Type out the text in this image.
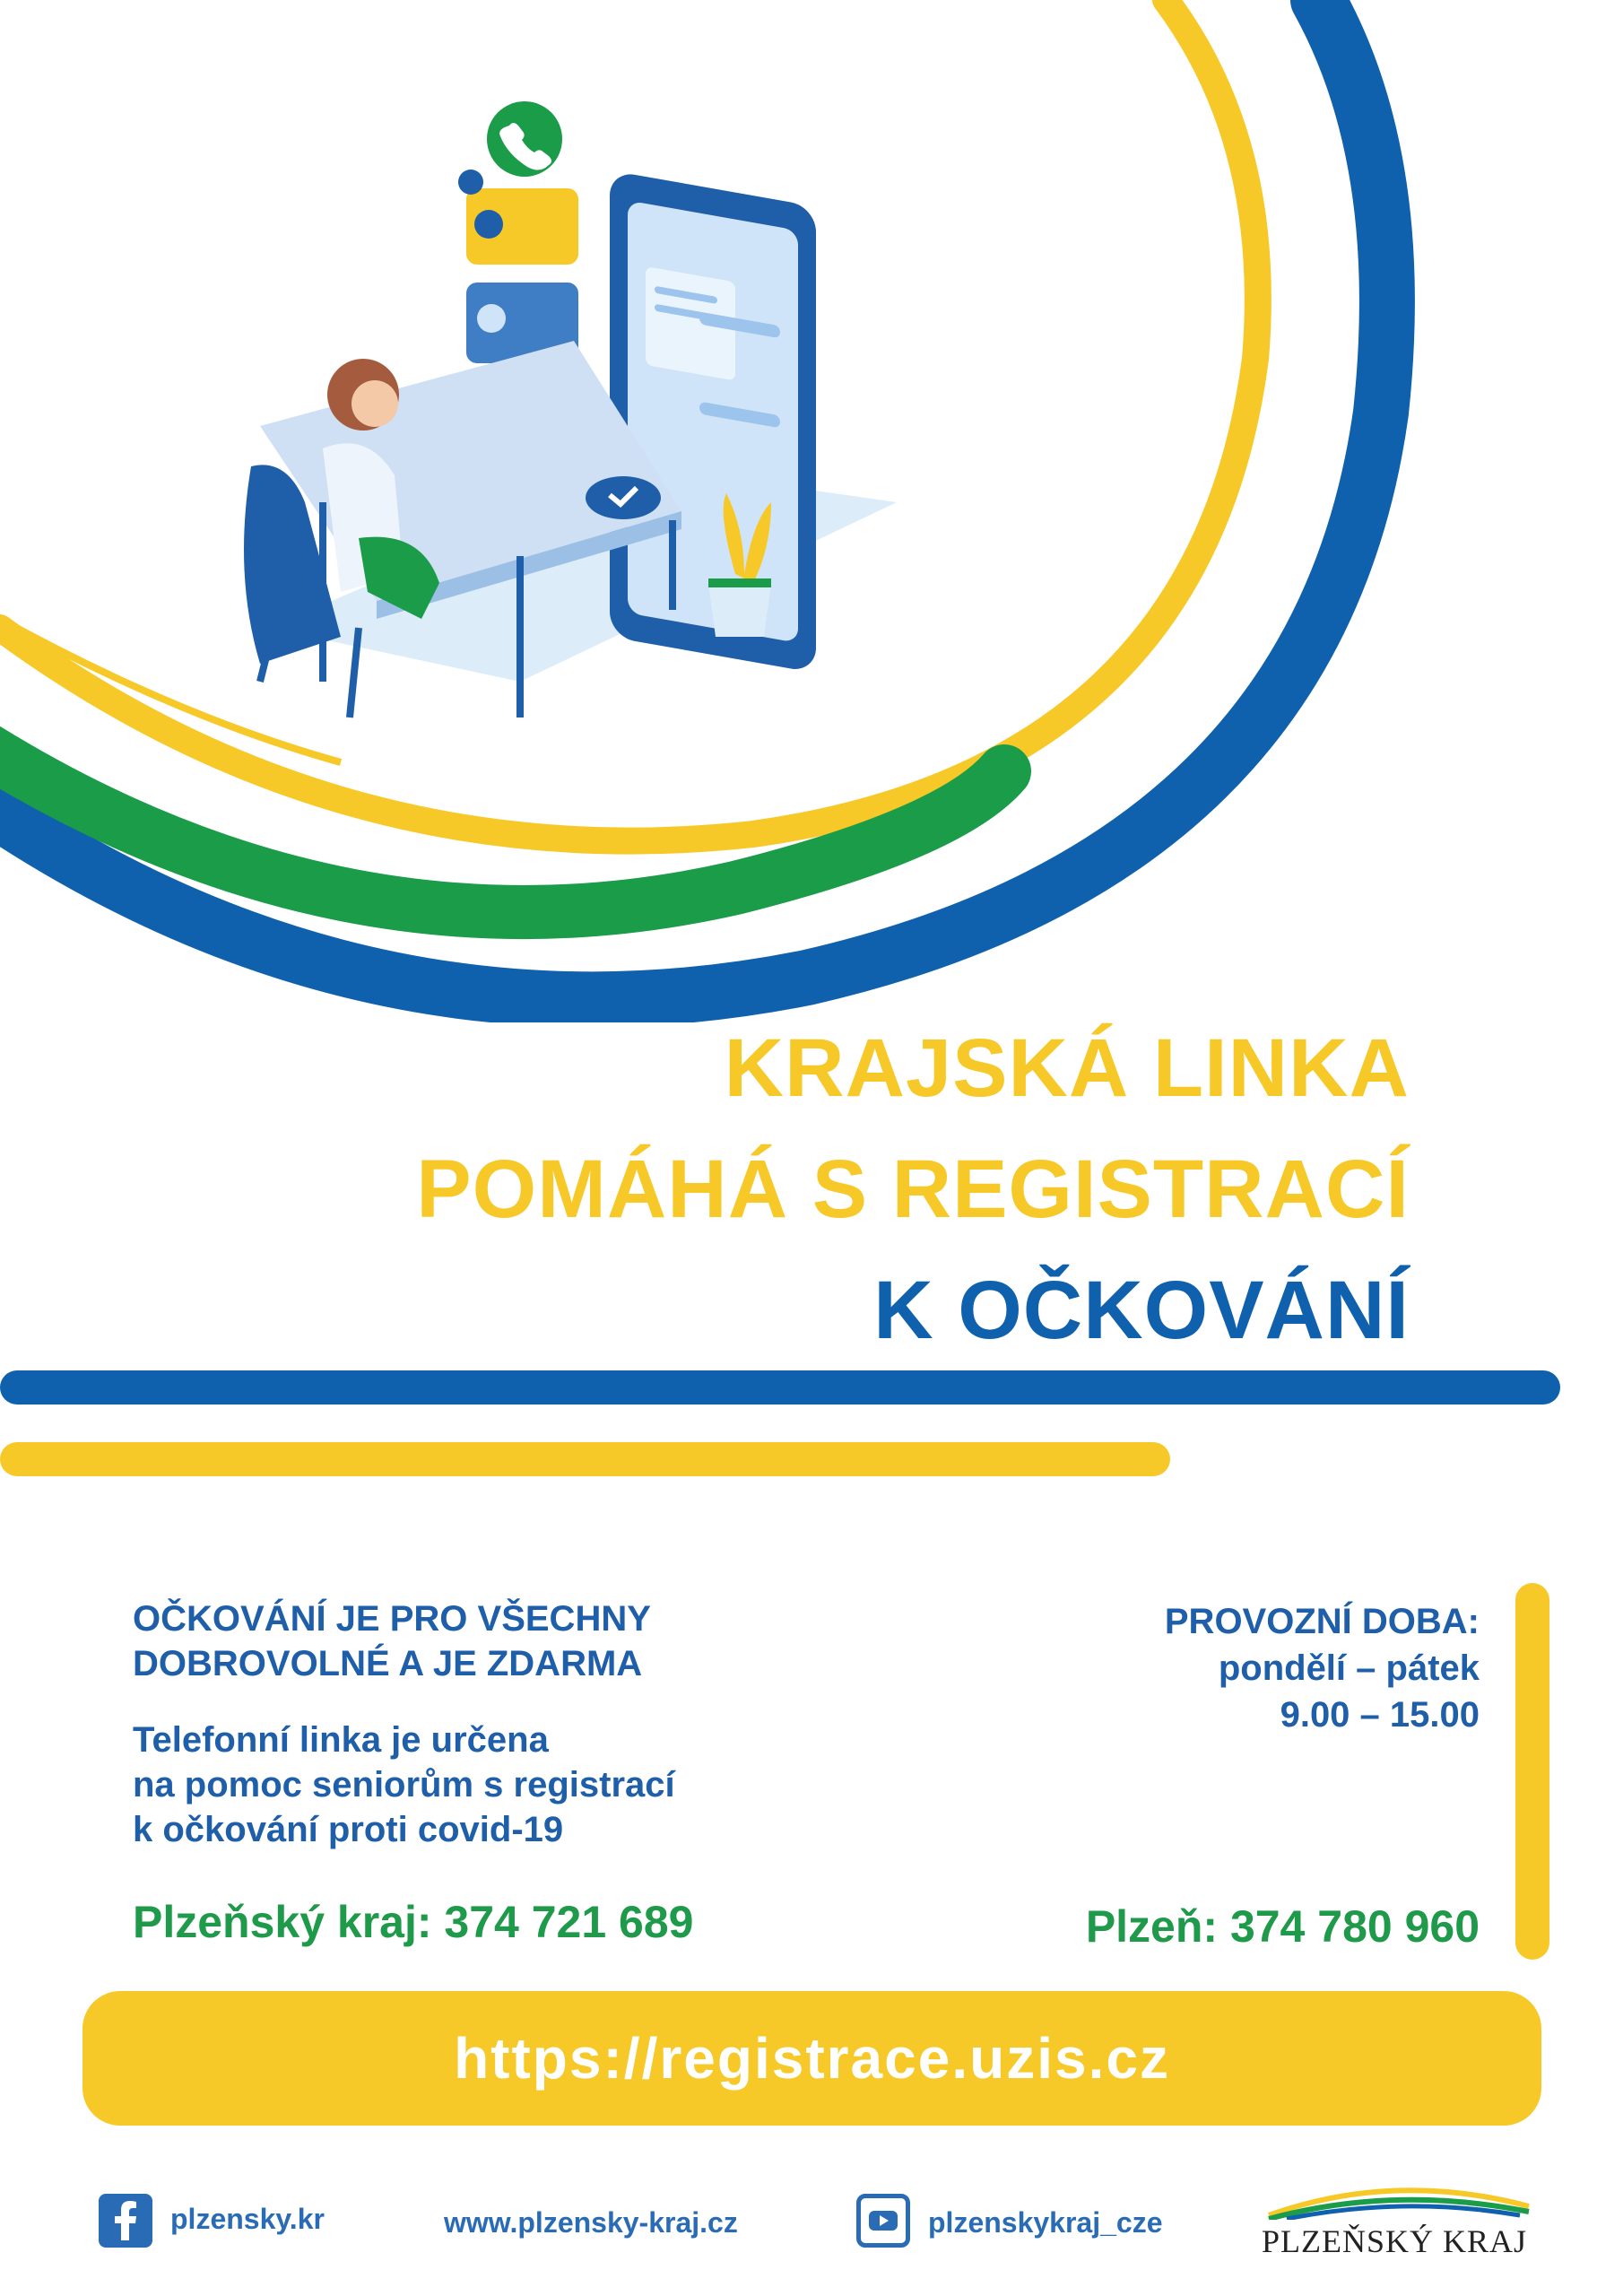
KRAJSKÁ LINKA
POMÁHÁ S REGISTRACÍ
K OČKOVÁNÍ
OČKOVÁNÍ JE PRO VŠECHNY
DOBROVOLNÉ A JE ZDARMA
Telefonní linka je určena
na pomoc seniorům s registrací
k očkování proti covid-19
Plzeňský kraj: 374 721 689
PROVOZNÍ DOBA:
pondělí – pátek
9.00 – 15.00
Plzeň: 374 780 960
https://registrace.uzis.cz
plzensky.kr	www.plzensky-kraj.cz	plzenskykraj_cze
PLZEŇSKÝ KRAJ
